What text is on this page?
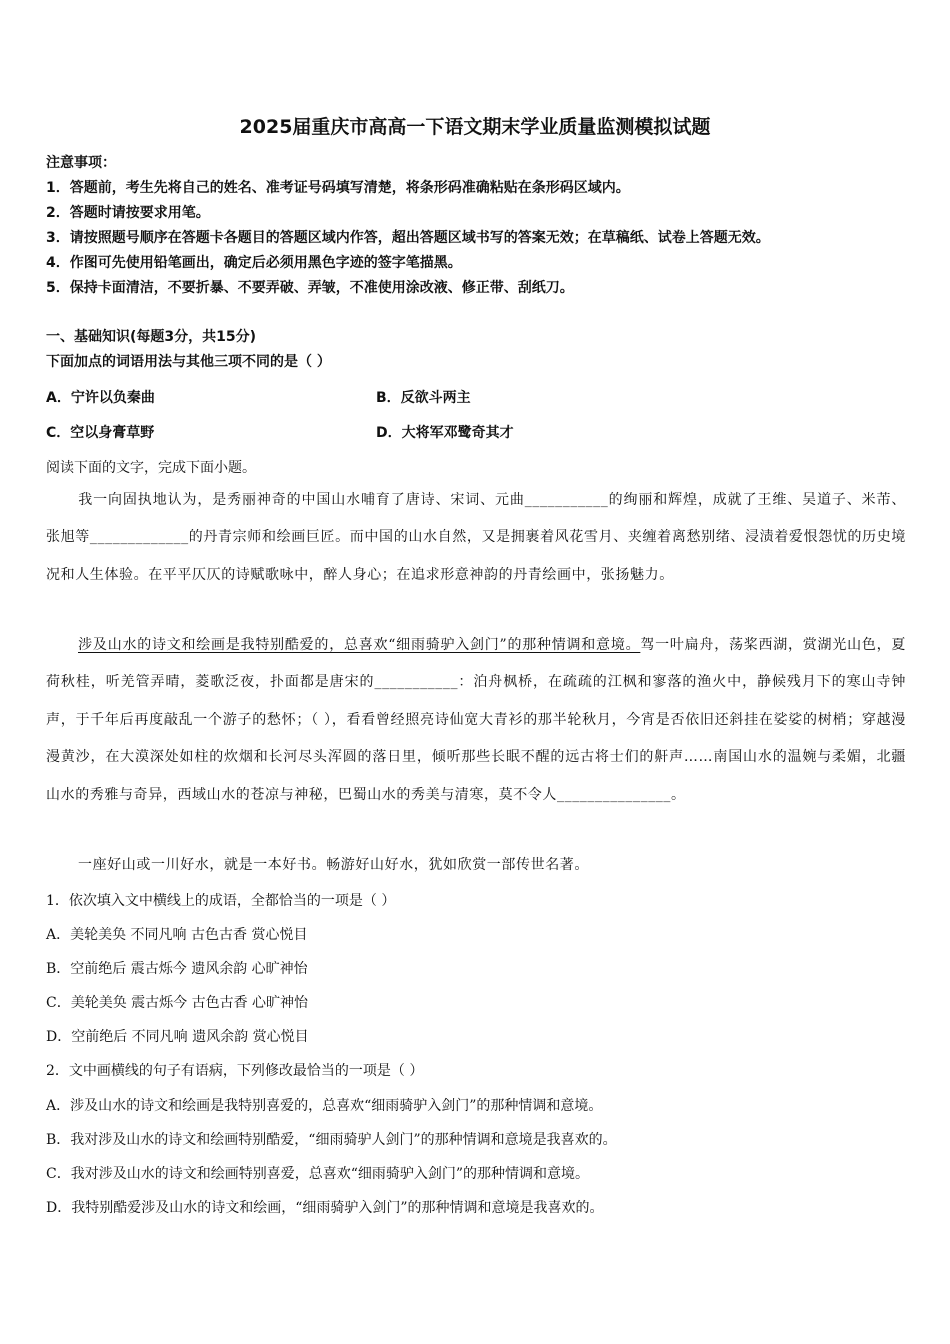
2025届重庆市高高一下语文期末学业质量监测模拟试题
注意事项：
1．答题前，考生先将自己的姓名、准考证号码填写清楚，将条形码准确粘贴在条形码区域内。
2．答题时请按要求用笔。
3．请按照题号顺序在答题卡各题目的答题区域内作答，超出答题区域书写的答案无效；在草稿纸、试卷上答题无效。
4．作图可先使用铅笔画出，确定后必须用黑色字迹的签字笔描黑。
5．保持卡面清洁，不要折暴、不要弄破、弄皱，不准使用涂改液、修正带、刮纸刀。
一、基础知识(每题3分，共15分)
下面加点的词语用法与其他三项不同的是（ ）
A．宁许以负秦曲	B．反欲斗两主
C．空以身膏草野	D．大将军邓鹭奇其才
阅读下面的文字，完成下面小题。
我一向固执地认为，是秀丽神奇的中国山水哺育了唐诗、宋词、元曲___________的绚丽和辉煌，成就了王维、吴道子、米芾、张旭等_____________的丹青宗师和绘画巨匠。而中国的山水自然，又是拥裹着风花雪月、夹缠着离愁别绪、浸渍着爱恨怨忧的历史境况和人生体验。在平平仄仄的诗赋歌咏中，醉人身心；在追求形意神韵的丹青绘画中，张扬魅力。
涉及山水的诗文和绘画是我特别酷爱的，总喜欢“细雨骑驴入剑门”的那种情调和意境。驾一叶扁舟，荡桨西湖，赏湖光山色，夏荷秋桂，听羌管弄晴，菱歌泛夜，扑面都是唐宋的___________：泊舟枫桥，在疏疏的江枫和寥落的渔火中，静候残月下的寒山寺钟声，于千年后再度敲乱一个游子的愁怀；（ ），看看曾经照亮诗仙宽大青衫的那半轮秋月，今宵是否依旧还斜挂在娑娑的树梢；穿越漫漫黄沙，在大漠深处如柱的炊烟和长河尽头浑圆的落日里，倾听那些长眠不醒的远古将士们的鼾声……南国山水的温婉与柔媚，北疆山水的秀雅与奇异，西域山水的苍凉与神秘，巴蜀山水的秀美与清寒，莫不令人_______________。
一座好山或一川好水，就是一本好书。畅游好山好水，犹如欣赏一部传世名著。
1．依次填入文中横线上的成语，全都恰当的一项是（ ）
A．美轮美奂 不同凡响 古色古香 赏心悦目
B．空前绝后 震古烁今 遗风余韵 心旷神怡
C．美轮美奂 震古烁今 古色古香 心旷神怡
D．空前绝后 不同凡响 遗风余韵 赏心悦目
2．文中画横线的句子有语病，下列修改最恰当的一项是（ ）
A．涉及山水的诗文和绘画是我特别喜爱的，总喜欢“细雨骑驴入剑门”的那种情调和意境。
B．我对涉及山水的诗文和绘画特别酷爱，“细雨骑驴人剑门”的那种情调和意境是我喜欢的。
C．我对涉及山水的诗文和绘画特别喜爱，总喜欢“细雨骑驴入剑门”的那种情调和意境。
D．我特别酷爱涉及山水的诗文和绘画，“细雨骑驴入剑门”的那种情调和意境是我喜欢的。
